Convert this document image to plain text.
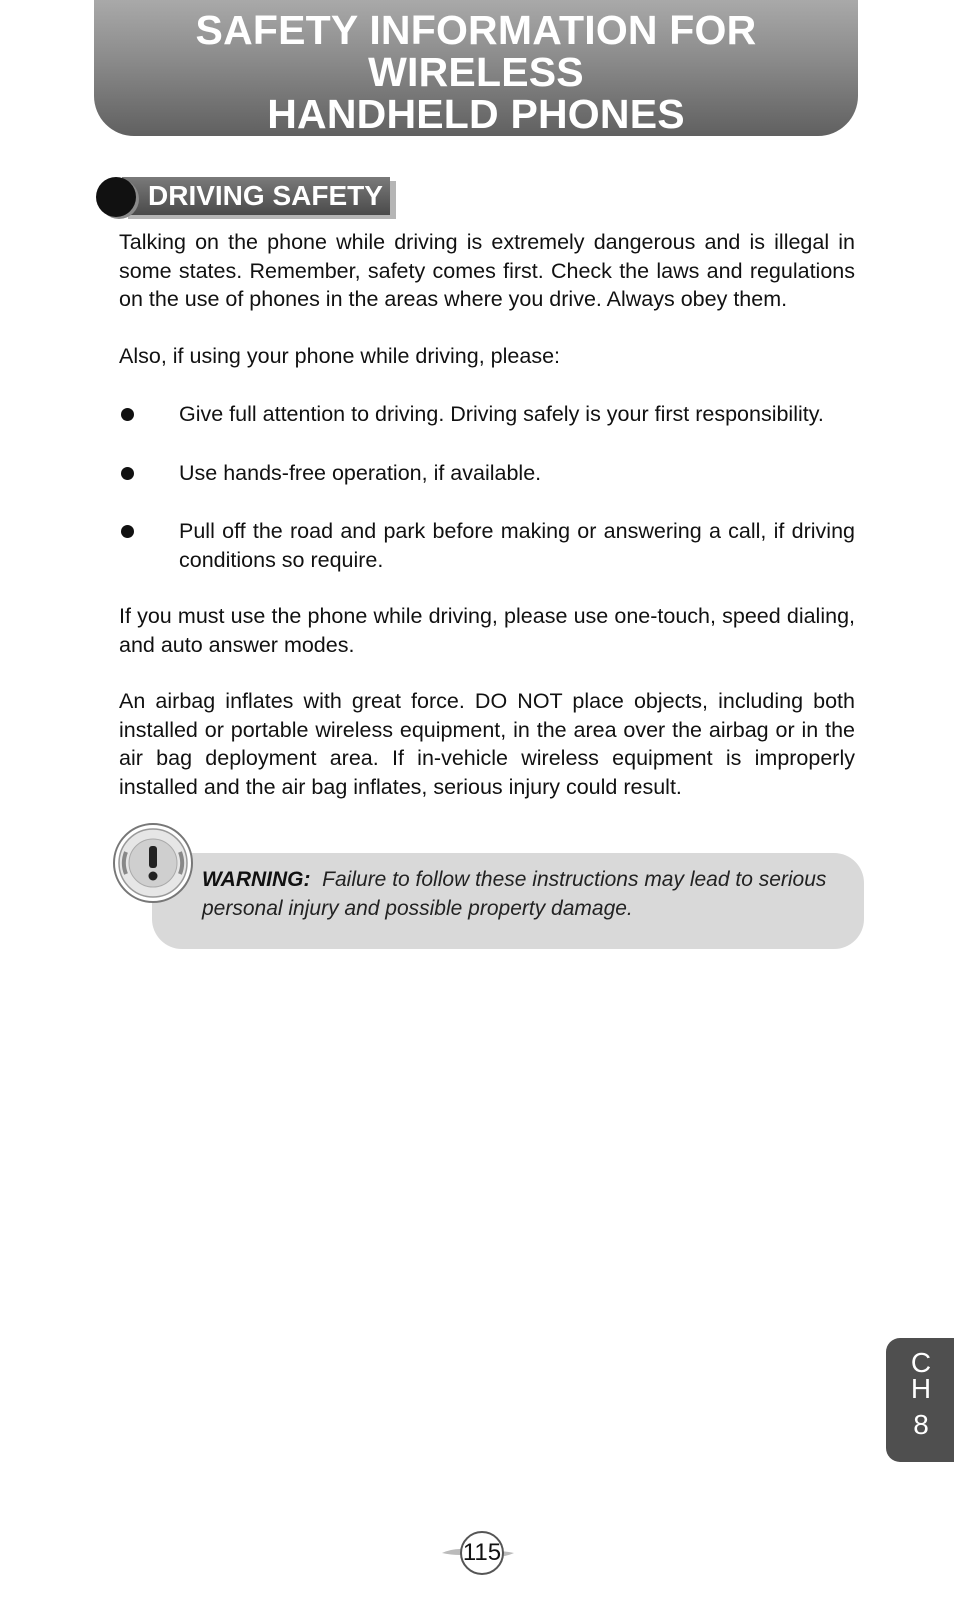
SAFETY INFORMATION FOR WIRELESS
HANDHELD PHONES
DRIVING SAFETY

Talking on the phone while driving is extremely dangerous and is illegal in some states. Remember, safety comes first. Check the laws and regulations on the use of phones in the areas where you drive. Always obey them.

Also, if using your phone while driving, please:

Give full attention to driving. Driving safely is your first responsibility.
Use hands-free operation, if available.
Pull off the road and park before making or answering a call, if driving conditions so require.

If you must use the phone while driving, please use one-touch, speed dialing, and auto answer modes.

An airbag inflates with great force. DO NOT place objects, including both installed or portable wireless equipment, in the area over the airbag or in the air bag deployment area. If in-vehicle wireless equipment is improperly installed and the air bag inflates, serious injury could result.

WARNING: Failure to follow these instructions may lead to serious personal injury and possible property damage.
C
H
8
115
